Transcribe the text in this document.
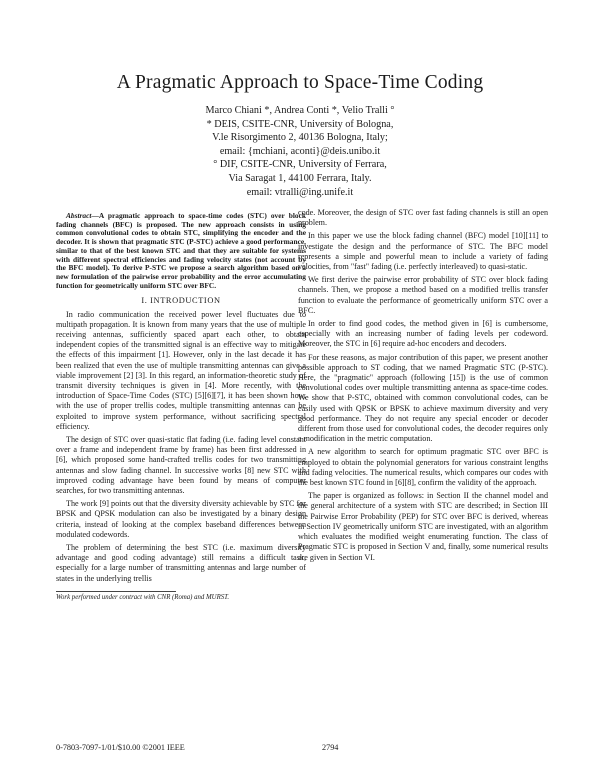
A Pragmatic Approach to Space-Time Coding
Marco Chiani *, Andrea Conti *, Velio Tralli °
* DEIS, CSITE-CNR, University of Bologna,
V.le Risorgimento 2, 40136 Bologna, Italy;
email: {mchiani, aconti}@deis.unibo.it
° DIF, CSITE-CNR, University of Ferrara,
Via Saragat 1, 44100 Ferrara, Italy.
email: vtralli@ing.unife.it

Abstract—A pragmatic approach to space-time codes (STC) over block fading channels (BFC) is proposed. The new approach consists in using common convolutional codes to obtain STC, simplifying the encoder and the decoder. It is shown that pragmatic STC (P-STC) achieve a good performance, similar to that of the best known STC and that they are suitable for systems with different spectral efficiencies and fading velocity states (not account by the BFC model). To derive P-STC we propose a search algorithm based on a new formulation of the pairwise error probability and the error accumulating function for geometrically uniform STC over BFC.

I. INTRODUCTION

In radio communication the received power level fluctuates due to multipath propagation. It is known from many years that the use of multiple receiving antennas, sufficiently spaced apart each other, to obtain independent copies of the transmitted signal is an effective way to mitigate the effects of this impairment [1]. However, only in the last decade it has been realized that even the use of multiple transmitting antennas can give a viable improvement [2] [3]. In this regard, an information-theoretic study of transmit diversity techniques is given in [4]. More recently, with the introduction of Space-Time Codes (STC) [5][6][7], it has been shown how, with the use of proper trellis codes, multiple transmitting antennas can be exploited to improve system performance, without sacrificing spectral efficiency.

The design of STC over quasi-static flat fading (i.e. fading level constant over a frame and independent frame by frame) has been first addressed in [6], which proposed some hand-crafted trellis codes for two transmitting antennas and slow fading channel. In successive works [8] new STC with improved coding advantage have been found by means of computer searches, for two transmitting antennas.

The work [9] points out that the diversity diversity achievable by STC for BPSK and QPSK modulation can also be investigated by a binary design criteria, instead of looking at the complex baseband differences between modulated codewords.

The problem of determining the best STC (i.e. maximum diversity advantage and good coding advantage) still remains a difficult task, especially for a large number of transmitting antennas and large number of states in the underlying trellis

Work performed under contract with CNR (Roma) and MURST.

code. Moreover, the design of STC over fast fading channels is still an open problem.

In this paper we use the block fading channel (BFC) model [10][11] to investigate the design and the performance of STC. The BFC model represents a simple and powerful mean to include a variety of fading velocities, from "fast" fading (i.e. perfectly interleaved) to quasi-static.

We first derive the pairwise error probability of STC over block fading channels. Then, we propose a method based on a modified trellis transfer function to evaluate the performance of geometrically uniform STC over a BFC.

In order to find good codes, the method given in [6] is cumbersome, especially with an increasing number of fading levels per codeword. Moreover, the STC in [6] require ad-hoc encoders and decoders.

For these reasons, as major contribution of this paper, we present another possible approach to ST coding, that we named Pragmatic STC (P-STC). Here, the "pragmatic" approach (following [15]) is the use of common convolutional codes over multiple transmitting antenna as space-time codes. We show that P-STC, obtained with common convolutional codes, can be easily used with QPSK or BPSK to achieve maximum diversity and very good performance. They do not require any special encoder or decoder different from those used for convolutional codes, the decoder requires only a modification in the metric computation.

A new algorithm to search for optimum pragmatic STC over BFC is employed to obtain the polynomial generators for various constraint lengths and fading velocities. The numerical results, which compares our codes with the best known STC found in [6][8], confirm the validity of the approach.

The paper is organized as follows: in Section II the channel model and the general architecture of a system with STC are described; in Section III the Pairwise Error Probability (PEP) for STC over BFC is derived, whereas in Section IV geometrically uniform STC are investigated, with an algorithm which evaluates the modified weight enumerating function. The class of Pragmatic STC is proposed in Section V and, finally, some numerical results are given in Section VI.

0-7803-7097-1/01/$10.00 ©2001 IEEE	2794
